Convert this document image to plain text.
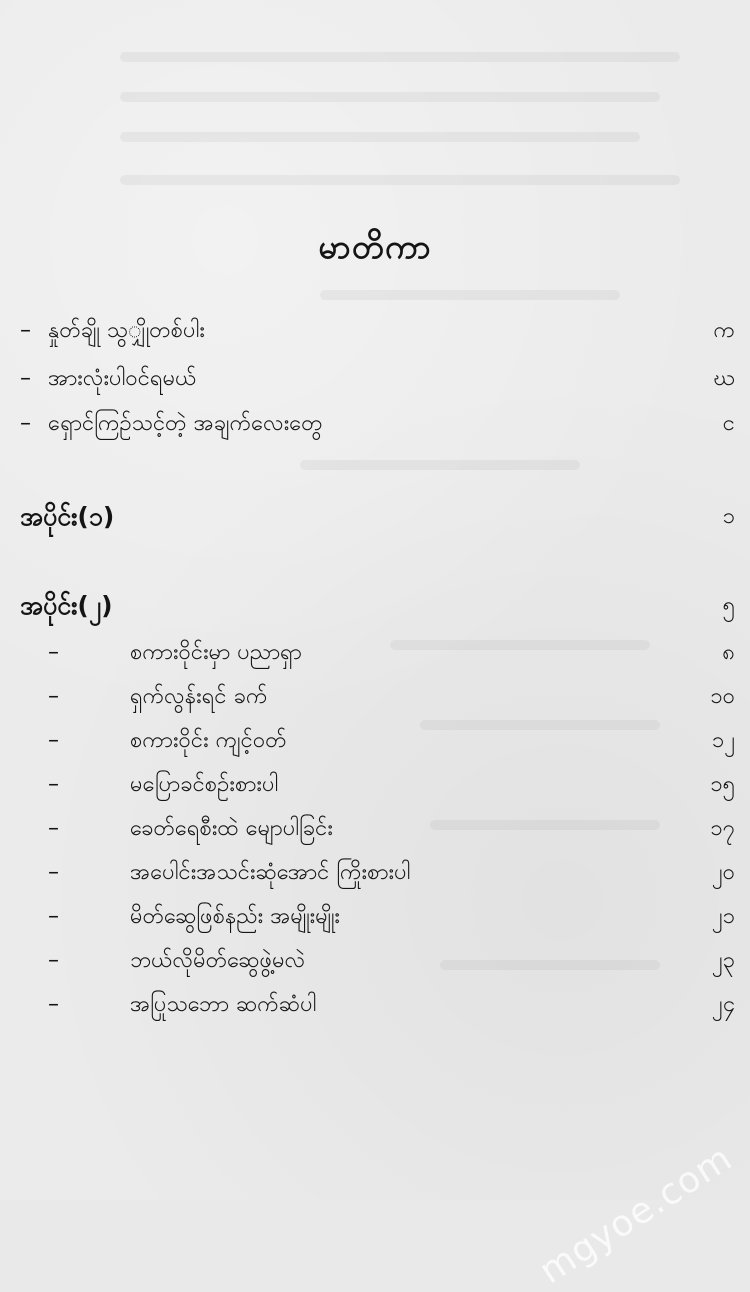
မာတိကာ
– နှုတ်ချို သွျှိုတစ်ပါး	က
– အားလုံးပါဝင်ရမယ်	ဃ
– ရှောင်ကြဉ်သင့်တဲ့ အချက်လေးတွေ	င
အပိုင်း(၁)	၁
အပိုင်း(၂)	၅
–	စကားဝိုင်းမှာ ပညာရှာ	၈
–	ရှက်လွန်းရင် ခက်	၁၀
–	စကားဝိုင်း ကျင့်ဝတ်	၁၂
–	မပြောခင်စဉ်းစားပါ	၁၅
–	ခေတ်ရေစီးထဲ မျောပါခြင်း	၁၇
–	အပေါင်းအသင်းဆုံအောင် ကြိုးစားပါ	၂၀
–	မိတ်ဆွေဖြစ်နည်း အမျိုးမျိုး	၂၁
–	ဘယ်လိုမိတ်ဆွေဖွဲ့မလဲ	၂၃
–	အပြုသဘော ဆက်ဆံပါ	၂၄
mgyoe.com
